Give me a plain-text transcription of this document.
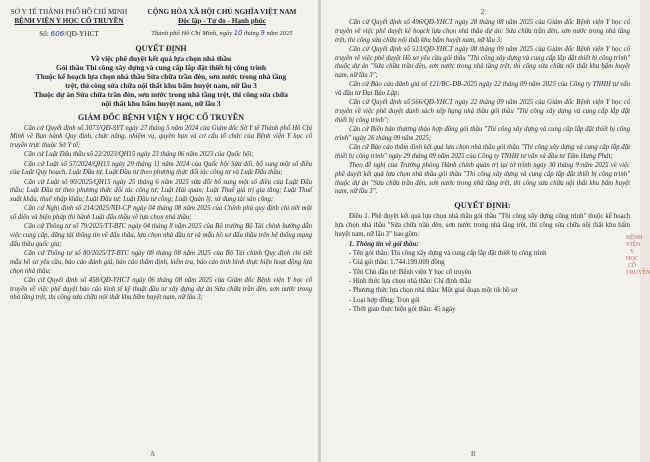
SỞ Y TẾ THÀNH PHỐ HỒ CHÍ MINH
BỆNH VIỆN Y HỌC CỔ TRUYỀN
Số: 606/QĐ-YHCT
CỘNG HÒA XÃ HỘI CHỦ NGHĨA VIỆT NAM
Độc lập - Tự do - Hạnh phúc
Thành phố Hồ Chí Minh, ngày 10 tháng 9 năm 2025
QUYẾT ĐỊNH
Về việc phê duyệt kết quả lựa chọn nhà thầu
Gói thầu Thi công xây dựng và cung cấp lắp đặt thiết bị công trình
Thuộc kế hoạch lựa chọn nhà thầu Sửa chữa trần đèn, sơn nước trong nhà tầng
trệt, thi công sửa chữa nội thất khu bấm huyệt nam, nữ lầu 3
Thuộc dự án Sửa chữa trần đèn, sơn nước trong nhà tầng trệt, thi công sửa chữa
nội thất khu bấm huyệt nam, nữ lầu 3
GIÁM ĐỐC BỆNH VIỆN Y HỌC CỔ TRUYỀN
Căn cứ Quyết định số 3073/QĐ-SYT ngày 27 tháng 5 năm 2024 của Giám đốc Sở Y tế Thành phố Hồ Chí Minh về Ban hành Quy định, chức năng, nhiệm vụ, quyền hạn và cơ cấu tổ chức của Bệnh viện Y học cổ truyền trực thuộc Sở Y tế;
Căn cứ Luật Đấu thầu số 22/2023/QH15 ngày 23 tháng 06 năm 2023 của Quốc hội;
Căn cứ Luật số 57/2024/QH15 ngày 29 tháng 11 năm 2024 của Quốc hội Sửa đổi, bổ sung một số điều của Luật Quy hoạch, Luật Đầu tư, Luật Đầu tư theo phương thức đối tác công tư và Luật Đấu thầu;
Căn cứ Luật số 90/2025/QH15 ngày 25 tháng 6 năm 2025 sửa đổi bổ sung một số điều của Luật Đấu thầu; Luật Đầu tư theo phương thức đối tác công tư; Luật Hải quan; Luật Thuế giá trị gia tăng; Luật Thuế xuất khẩu, thuế nhập khẩu; Luật Đầu tư; Luật Đầu tư công; Luật Quản lý, sử dụng tài sản công;
Căn cứ Nghị định số 214/2025/NĐ-CP ngày 04 tháng 08 năm 2025 của Chính phủ quy định chi tiết một số điều và biện pháp thi hành Luật đấu thầu về lựa chọn nhà thầu;
Căn cứ Thông tư số 79/2025/TT-BTC ngày 04 tháng 8 năm 2025 của Bộ trưởng Bộ Tài chính hướng dẫn việc cung cấp, đăng tải thông tin về đấu thầu, lựa chọn nhà đầu tư và mẫu hồ sơ đấu thầu trên hệ thống mạng đấu thầu quốc gia;
Căn cứ Thông tư số 80/2025/TT-BTC ngày 08 tháng 08 năm 2025 của Bộ Tài chính Quy định chi tiết mẫu hồ sơ yêu cầu, báo cáo đánh giá, báo cáo thẩm định, kiểm tra, báo cáo tình hình thực hiện hoạt động lựa chọn nhà thầu;
Căn cứ Quyết định số 458/QĐ-YHCT ngày 06 tháng 08 năm 2025 của Giám đốc Bệnh viện Y học cổ truyền về việc phê duyệt báo cáo kinh tế kỹ thuật đầu tư xây dựng dự án Sửa chữa trần đèn, sơn nước trong nhà tầng trệt, thi công sửa chữa nội thất khu bấm huyệt nam, nữ lầu 3;
A
2
Căn cứ Quyết định số 496/QĐ-YHCT ngày 28 tháng 08 năm 2025 của Giám đốc Bệnh viện Y học cổ truyền về việc phê duyệt kế hoạch lựa chọn nhà thầu dự án: Sửa chữa trần đèn, sơn nước trong nhà tầng trệt, thi công sửa chữa nội thất khu bấm huyệt nam, nữ lầu 3;
Căn cứ Quyết định số 513/QĐ-YHCT ngày 08 tháng 09 năm 2025 của Giám đốc Bệnh viện Y học cổ truyền về việc phê duyệt Hồ sơ yêu cầu gói thầu "Thi công xây dựng và cung cấp lắp đặt thiết bị công trình" thuộc dự án "Sửa chữa trần đèn, sơn nước trong nhà tầng trệt, thi công sửa chữa nội thất khu bấm huyệt nam, nữ lầu 3";
Căn cứ Báo cáo đánh giá số 121/BC-ĐB-2025 ngày 22 tháng 09 năm 2025 của Công ty TNHH tư vấn và đầu tư Đại Bảo Lập;
Căn cứ Quyết định số 566/QĐ-YHCT ngày 22 tháng 09 năm 2025 của Giám đốc Bệnh viện Y học cổ truyền về việc phê duyệt danh sách xếp hạng nhà thầu gói thầu "Thi công xây dựng và cung cấp lắp đặt thiết bị công trình";
Căn cứ Biên bản thương thảo hợp đồng gói thầu "Thi công xây dựng và cung cấp lắp đặt thiết bị công trình" ngày 26 tháng 09 năm 2025;
Căn cứ Báo cáo thẩm định kết quả lựa chọn nhà thầu gói thầu "Thi công xây dựng và cung cấp lắp đặt thiết bị công trình" ngày 29 tháng 09 năm 2025 của Công ty TNHH tư vấn và đầu tư Tâm Hưng Phát;
Theo đề nghị của Trưởng phòng Hành chính quản trị tại tờ trình ngày 30 tháng 9 năm 2025 về việc phê duyệt kết quả lựa chọn nhà thầu gói thầu "Thi công xây dựng và cung cấp lắp đặt thiết bị công trình" thuộc dự án "Sửa chữa trần đèn, sơn nước trong nhà tầng trệt, thi công sửa chữa nội thất khu bấm huyệt nam, nữ lầu 3".
QUYẾT ĐỊNH:
Điều 1. Phê duyệt kết quả lựa chọn nhà thầu gói thầu "Thi công xây dựng công trình" thuộc kế hoạch lựa chọn nhà thầu "Sửa chữa trần đèn, sơn nước trong nhà tầng trệt, thi công sửa chữa nội thất khu bấm huyệt nam, nữ lầu 3" bao gồm:
1. Thông tin về gói thầu:
- Tên gói thầu: Thi công xây dựng và cung cấp lắp đặt thiết bị công trình
- Giá gói thầu: 1.744.199.009 đồng
- Tên Chủ đầu tư: Bệnh viện Y học cổ truyền
- Hình thức lựa chọn nhà thầu: Chỉ định thầu
- Phương thức lựa chọn nhà thầu: Một giai đoạn một túi hồ sơ
- Loại hợp đồng: Trọn gói
- Thời gian thực hiện gói thầu: 45 ngày
BỆNH VIỆN Y HỌC CỔ TRUYỀN
B
